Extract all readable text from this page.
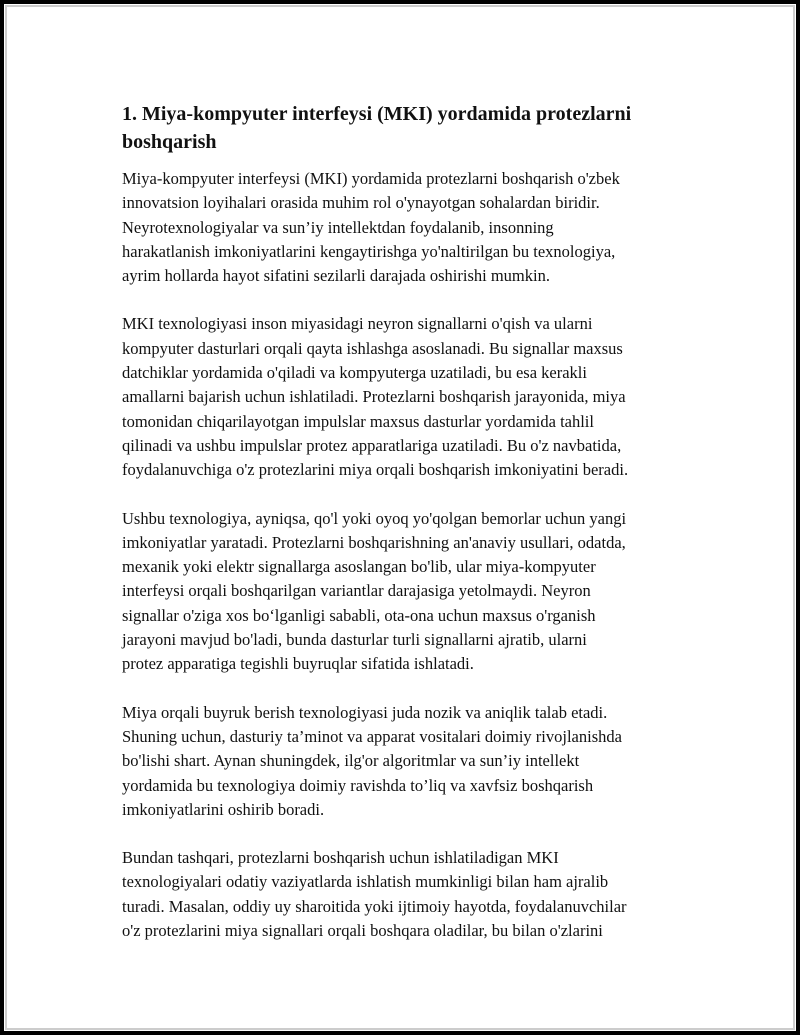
1. Miya-kompyuter interfeysi (MKI) yordamida protezlarni
boshqarish

Miya-kompyuter interfeysi (MKI) yordamida protezlarni boshqarish o'zbek
innovatsion loyihalari orasida muhim rol o'ynayotgan sohalardan biridir.
Neyrotexnologiyalar va sun’iy intellektdan foydalanib, insonning
harakatlanish imkoniyatlarini kengaytirishga yo'naltirilgan bu texnologiya,
ayrim hollarda hayot sifatini sezilarli darajada oshirishi mumkin.

MKI texnologiyasi inson miyasidagi neyron signallarni o'qish va ularni
kompyuter dasturlari orqali qayta ishlashga asoslanadi. Bu signallar maxsus
datchiklar yordamida o'qiladi va kompyuterga uzatiladi, bu esa kerakli
amallarni bajarish uchun ishlatiladi. Protezlarni boshqarish jarayonida, miya
tomonidan chiqarilayotgan impulslar maxsus dasturlar yordamida tahlil
qilinadi va ushbu impulslar protez apparatlariga uzatiladi. Bu o'z navbatida,
foydalanuvchiga o'z protezlarini miya orqali boshqarish imkoniyatini beradi.

Ushbu texnologiya, ayniqsa, qo'l yoki oyoq yo'qolgan bemorlar uchun yangi
imkoniyatlar yaratadi. Protezlarni boshqarishning an'anaviy usullari, odatda,
mexanik yoki elektr signallarga asoslangan bo'lib, ular miya-kompyuter
interfeysi orqali boshqarilgan variantlar darajasiga yetolmaydi. Neyron
signallar o'ziga xos bo‘lganligi sababli, ota-ona uchun maxsus o'rganish
jarayoni mavjud bo'ladi, bunda dasturlar turli signallarni ajratib, ularni
protez apparatiga tegishli buyruqlar sifatida ishlatadi.

Miya orqali buyruk berish texnologiyasi juda nozik va aniqlik talab etadi.
Shuning uchun, dasturiy ta’minot va apparat vositalari doimiy rivojlanishda
bo'lishi shart. Aynan shuningdek, ilg'or algoritmlar va sun’iy intellekt
yordamida bu texnologiya doimiy ravishda to’liq va xavfsiz boshqarish
imkoniyatlarini oshirib boradi.

Bundan tashqari, protezlarni boshqarish uchun ishlatiladigan MKI
texnologiyalari odatiy vaziyatlarda ishlatish mumkinligi bilan ham ajralib
turadi. Masalan, oddiy uy sharoitida yoki ijtimoiy hayotda, foydalanuvchilar
o'z protezlarini miya signallari orqali boshqara oladilar, bu bilan o'zlarini
